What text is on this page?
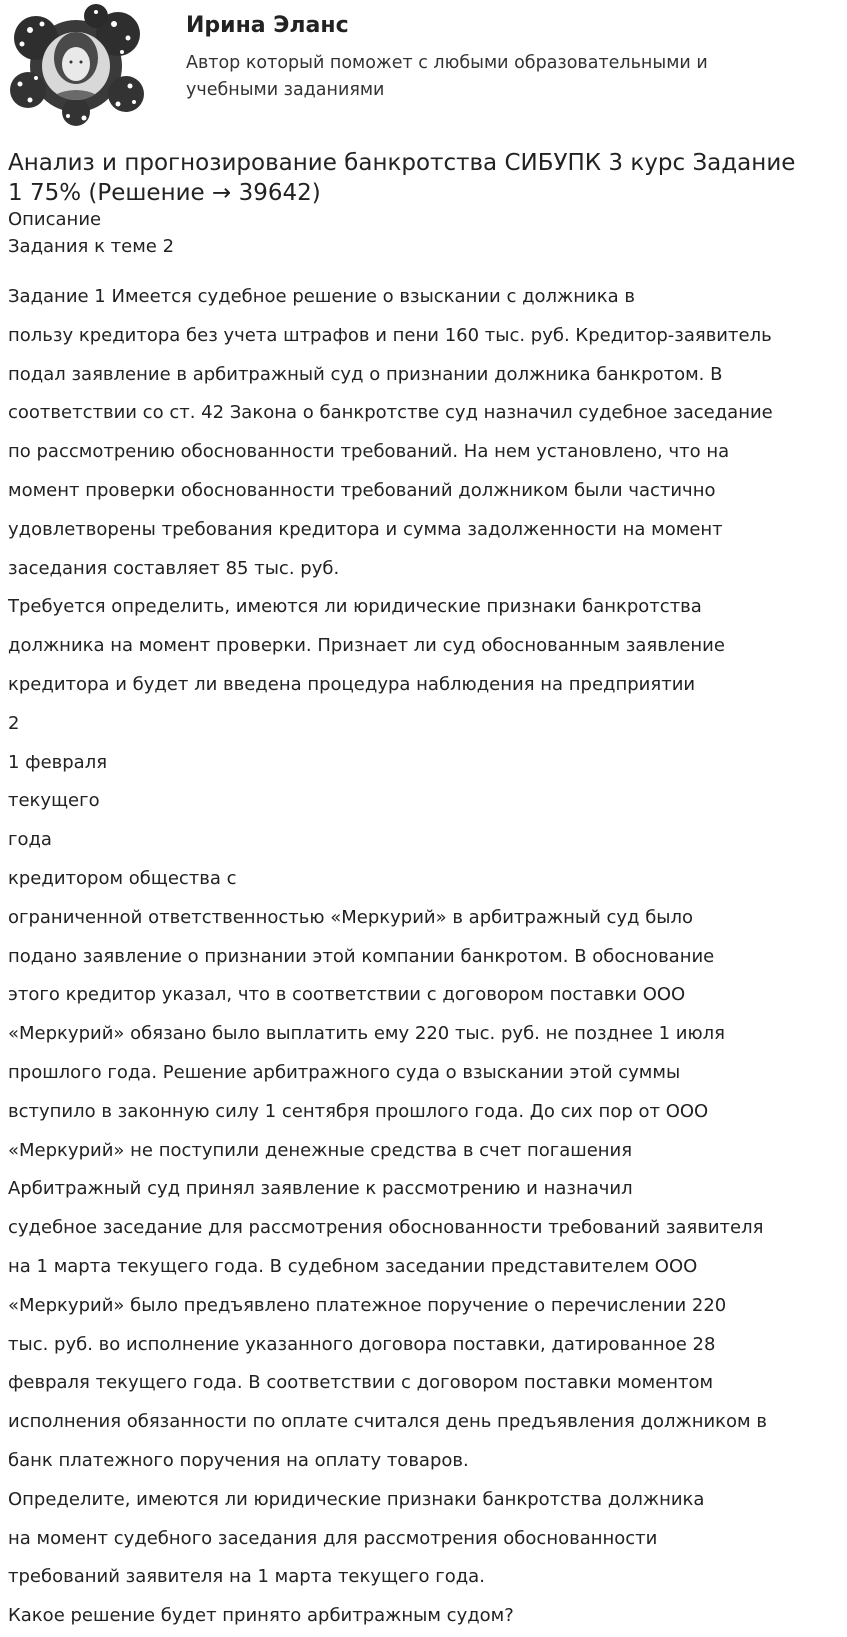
Ирина Эланс

Автор который поможет с любыми образовательными и
учебными заданиями

Анализ и прогнозирование банкротства СИБУПК 3 курс Задание
1 75% (Решение → 39642)

Описание

Задания к теме 2

Задание 1 Имеется судебное решение о взыскании с должника в

пользу кредитора без учета штрафов и пени 160 тыс. руб. Кредитор-заявитель

подал заявление в арбитражный суд о признании должника банкротом. В

соответствии со ст. 42 Закона о банкротстве суд назначил судебное заседание

по рассмотрению обоснованности требований. На нем установлено, что на

момент проверки обоснованности требований должником были частично

удовлетворены требования кредитора и сумма задолженности на момент

заседания составляет 85 тыс. руб.

Требуется определить, имеются ли юридические признаки банкротства

должника на момент проверки. Признает ли суд обоснованным заявление

кредитора и будет ли введена процедура наблюдения на предприятии

2

1 февраля

текущего

года

кредитором общества с

ограниченной ответственностью «Меркурий» в арбитражный суд было

подано заявление о признании этой компании банкротом. В обоснование

этого кредитор указал, что в соответствии с договором поставки ООО

«Меркурий» обязано было выплатить ему 220 тыс. руб. не позднее 1 июля

прошлого года. Решение арбитражного суда о взыскании этой суммы

вступило в законную силу 1 сентября прошлого года. До сих пор от ООО

«Меркурий» не поступили денежные средства в счет погашения

Арбитражный суд принял заявление к рассмотрению и назначил

судебное заседание для рассмотрения обоснованности требований заявителя

на 1 марта текущего года. В судебном заседании представителем ООО

«Меркурий» было предъявлено платежное поручение о перечислении 220

тыс. руб. во исполнение указанного договора поставки, датированное 28

февраля текущего года. В соответствии с договором поставки моментом

исполнения обязанности по оплате считался день предъявления должником в

банк платежного поручения на оплату товаров.

Определите, имеются ли юридические признаки банкротства должника

на момент судебного заседания для рассмотрения обоснованности

требований заявителя на 1 марта текущего года.

Какое решение будет принято арбитражным судом?
